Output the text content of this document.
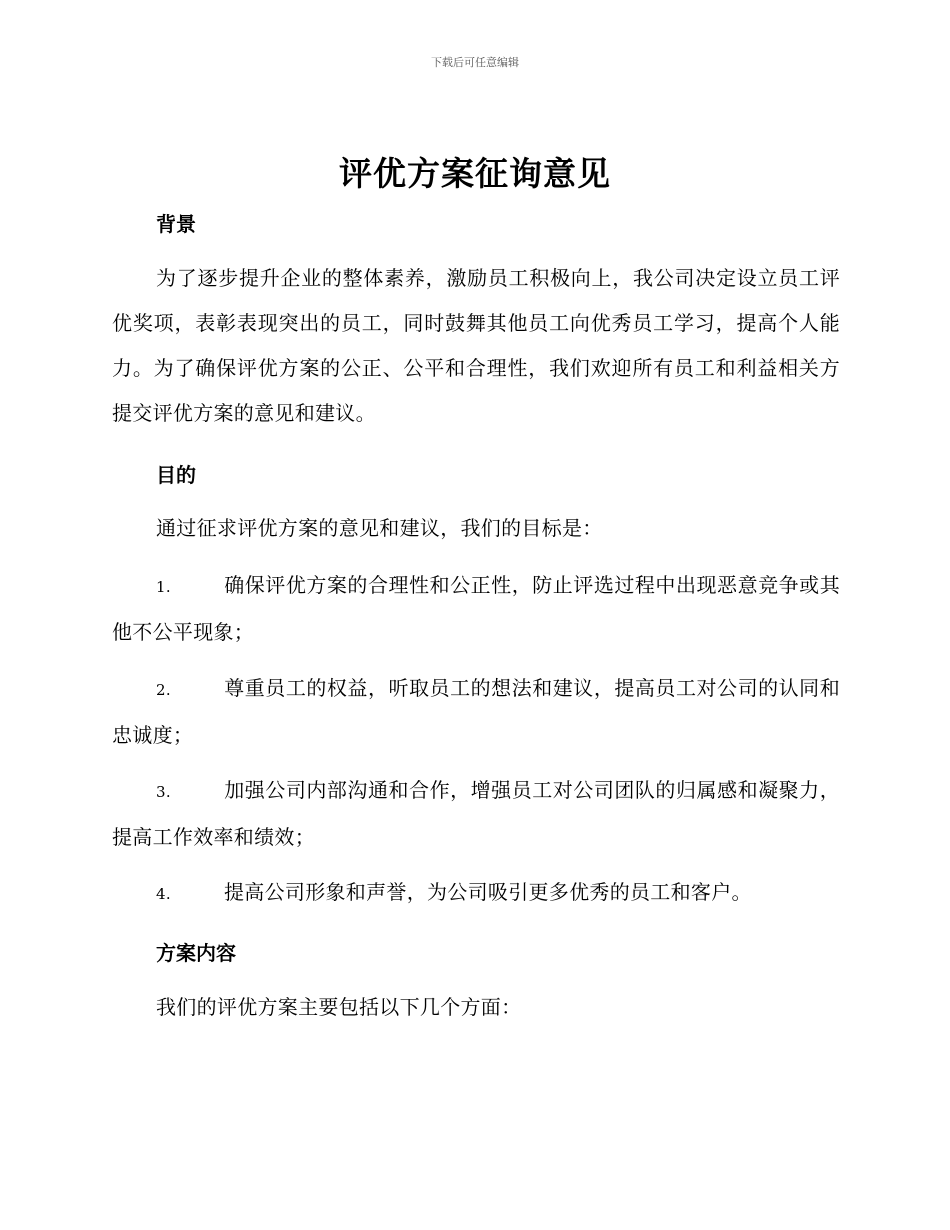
下载后可任意编辑
评优方案征询意见
背景

为了逐步提升企业的整体素养，激励员工积极向上，我公司决定设立员工评优奖项，表彰表现突出的员工，同时鼓舞其他员工向优秀员工学习，提高个人能力。为了确保评优方案的公正、公平和合理性，我们欢迎所有员工和利益相关方提交评优方案的意见和建议。

目的

通过征求评优方案的意见和建议，我们的目标是：

1.	确保评优方案的合理性和公正性，防止评选过程中出现恶意竞争或其他不公平现象；
2.	尊重员工的权益，听取员工的想法和建议，提高员工对公司的认同和忠诚度；
3.	加强公司内部沟通和合作，增强员工对公司团队的归属感和凝聚力，提高工作效率和绩效；
4.	提高公司形象和声誉，为公司吸引更多优秀的员工和客户。
方案内容

我们的评优方案主要包括以下几个方面：
